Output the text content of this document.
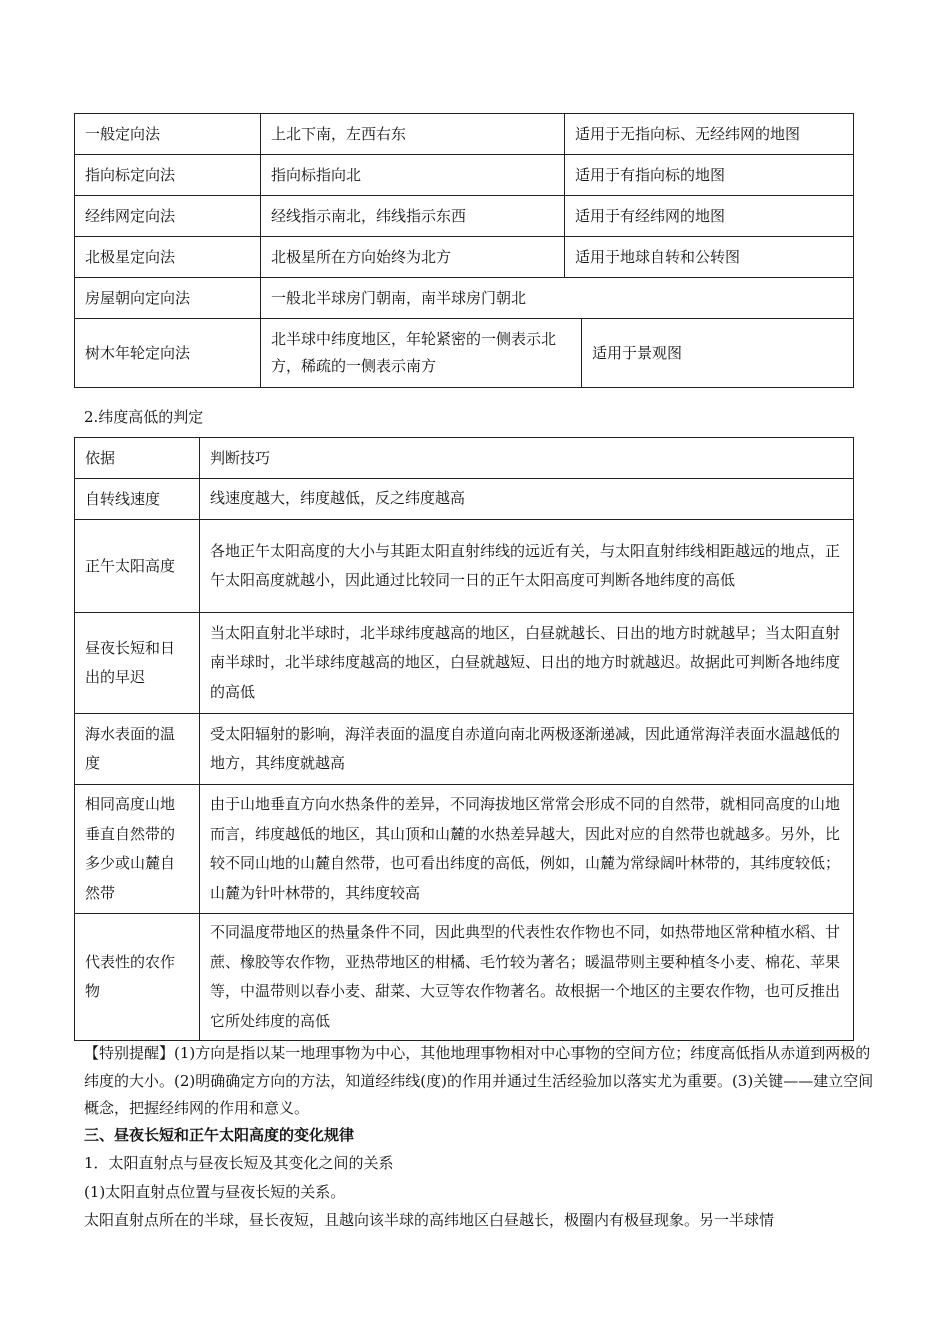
一般定向法	上北下南，左西右东	适用于无指向标、无经纬网的地图	
指向标定向法	指向标指向北	适用于有指向标的地图	
经纬网定向法	经线指示南北，纬线指示东西	适用于有经纬网的地图	
北极星定向法	北极星所在方向始终为北方	适用于地球自转和公转图	
房屋朝向定向法	一般北半球房门朝南，南半球房门朝北		
树木年轮定向法	北半球中纬度地区，年轮紧密的一侧表示北方，稀疏的一侧表示南方		适用于景观图
2.纬度高低的判定
依据	判断技巧
自转线速度	线速度越大，纬度越低，反之纬度越高
正午太阳高度	各地正午太阳高度的大小与其距太阳直射纬线的远近有关，与太阳直射纬线相距越远的地点，正午太阳高度就越小，因此通过比较同一日的正午太阳高度可判断各地纬度的高低
昼夜长短和日出的早迟	当太阳直射北半球时，北半球纬度越高的地区，白昼就越长、日出的地方时就越早；当太阳直射南半球时，北半球纬度越高的地区，白昼就越短、日出的地方时就越迟。故据此可判断各地纬度的高低
海水表面的温度	受太阳辐射的影响，海洋表面的温度自赤道向南北两极逐渐递减，因此通常海洋表面水温越低的地方，其纬度就越高
相同高度山地垂直自然带的多少或山麓自然带	由于山地垂直方向水热条件的差异，不同海拔地区常常会形成不同的自然带，就相同高度的山地而言，纬度越低的地区，其山顶和山麓的水热差异越大，因此对应的自然带也就越多。另外，比较不同山地的山麓自然带，也可看出纬度的高低，例如，山麓为常绿阔叶林带的，其纬度较低；山麓为针叶林带的，其纬度较高
代表性的农作物	不同温度带地区的热量条件不同，因此典型的代表性农作物也不同，如热带地区常种植水稻、甘蔗、橡胶等农作物，亚热带地区的柑橘、毛竹较为著名；暖温带则主要种植冬小麦、棉花、苹果等，中温带则以春小麦、甜菜、大豆等农作物著名。故根据一个地区的主要农作物，也可反推出它所处纬度的高低
【特别提醒】(1)方向是指以某一地理事物为中心，其他地理事物相对中心事物的空间方位；纬度高低指从赤道到两极的纬度的大小。(2)明确确定方向的方法，知道经纬线(度)的作用并通过生活经验加以落实尤为重要。(3)关键——建立空间概念，把握经纬网的作用和意义。
三、昼夜长短和正午太阳高度的变化规律
1．太阳直射点与昼夜长短及其变化之间的关系
(1)太阳直射点位置与昼夜长短的关系。
太阳直射点所在的半球，昼长夜短，且越向该半球的高纬地区白昼越长，极圈内有极昼现象。另一半球情
